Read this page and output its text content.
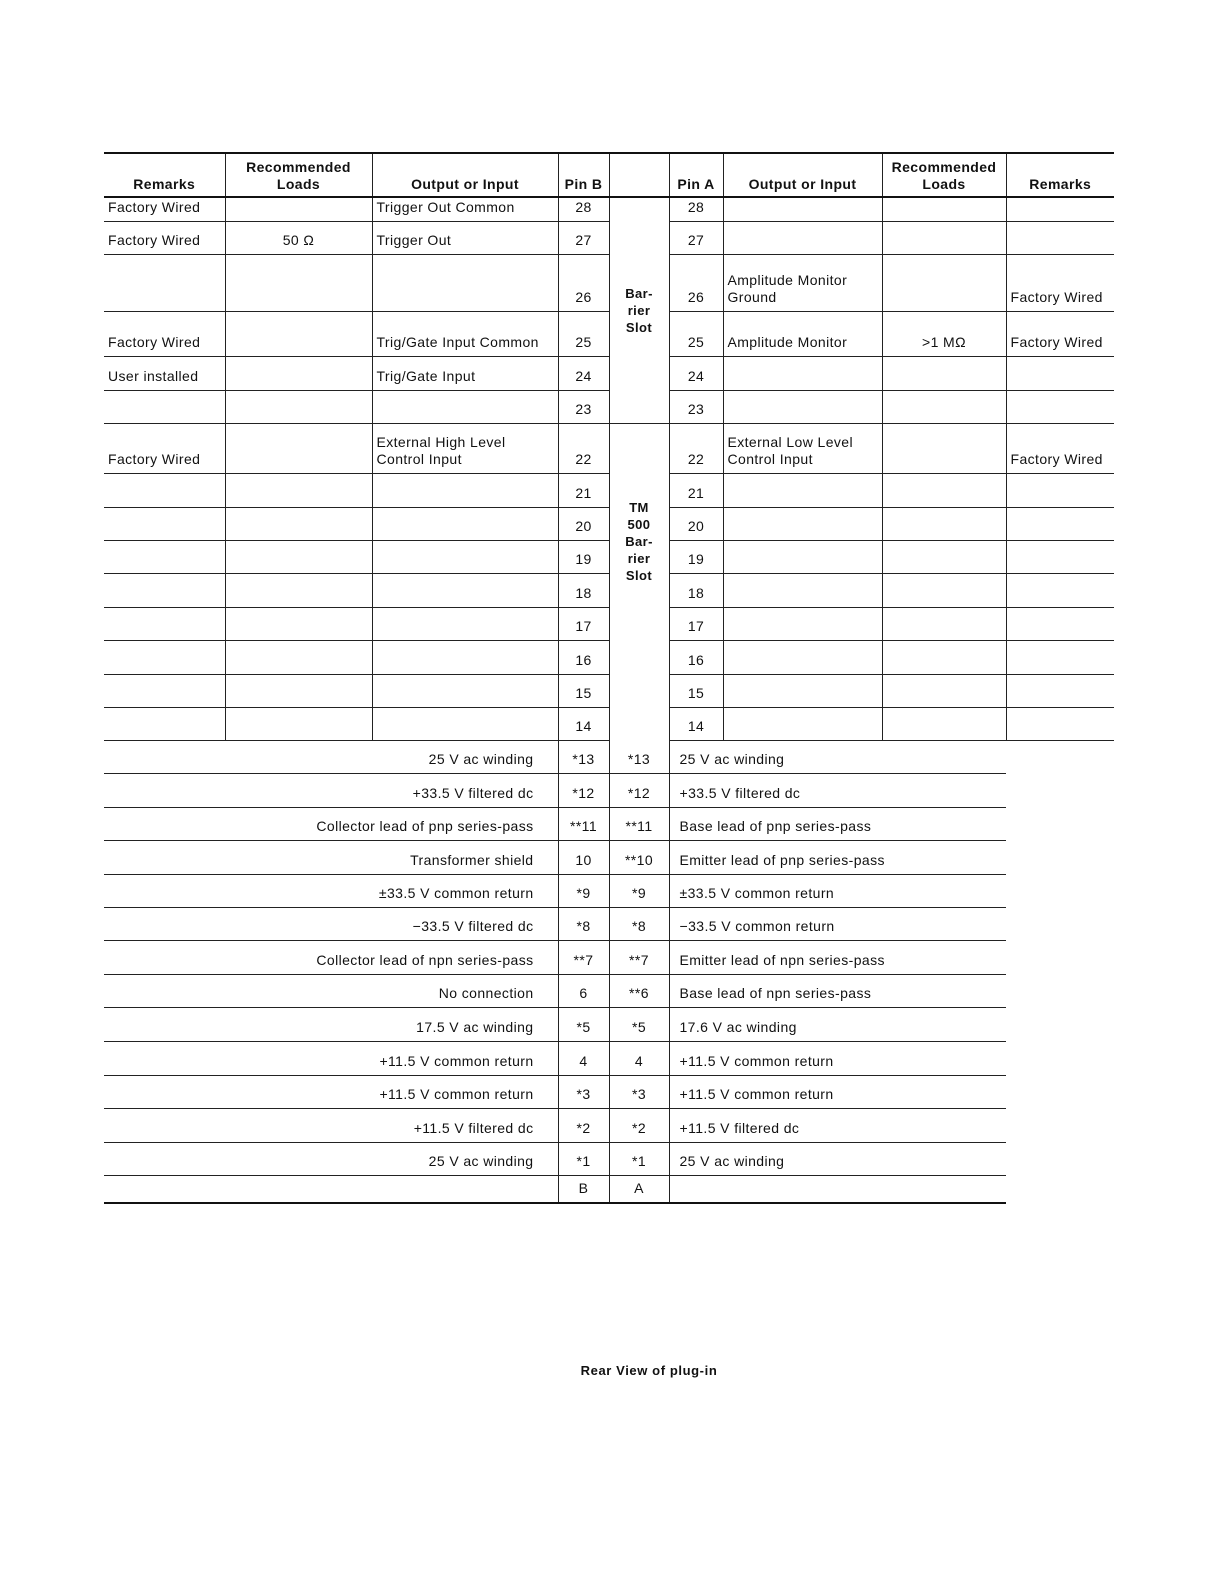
Remarks	Recommended Loads	Output or Input	Pin B		Pin A	Output or Input	Recommended Loads	Remarks
Factory Wired		Trigger Out Common	28	Bar- rier Slot	28			
Factory Wired	50 Ω	Trigger Out	27		27			
			26		26	Amplitude Monitor Ground		Factory Wired
Factory Wired		Trig/Gate Input Common	25		25	Amplitude Monitor	>1 MΩ	Factory Wired
User installed		Trig/Gate Input	24		24			
			23		23			
Factory Wired		External High Level Control Input	22	TM 500 Bar- rier Slot	22	External Low Level Control Input		Factory Wired
			21		21			
			20		20			
			19		19			
			18		18			
			17		17			
			16		16			
			15		15			
			14		14			
25 V ac winding			*13	*13	25 V ac winding			
+33.5 V filtered dc			*12	*12	+33.5 V filtered dc			
Collector lead of pnp series-pass			**11	**11	Base lead of pnp series-pass			
Transformer shield			10	**10	Emitter lead of pnp series-pass			
±33.5 V common return			*9	*9	±33.5 V common return			
−33.5 V filtered dc			*8	*8	−33.5 V common return			
Collector lead of npn series-pass			**7	**7	Emitter lead of npn series-pass			
No connection			6	**6	Base lead of npn series-pass			
17.5 V ac winding			*5	*5	17.6 V ac winding			
+11.5 V common return			4	4	+11.5 V common return			
+11.5 V common return			*3	*3	+11.5 V common return			
+11.5 V filtered dc			*2	*2	+11.5 V filtered dc			
25 V ac winding			*1	*1	25 V ac winding			
			B	A				
Rear View of plug-in
